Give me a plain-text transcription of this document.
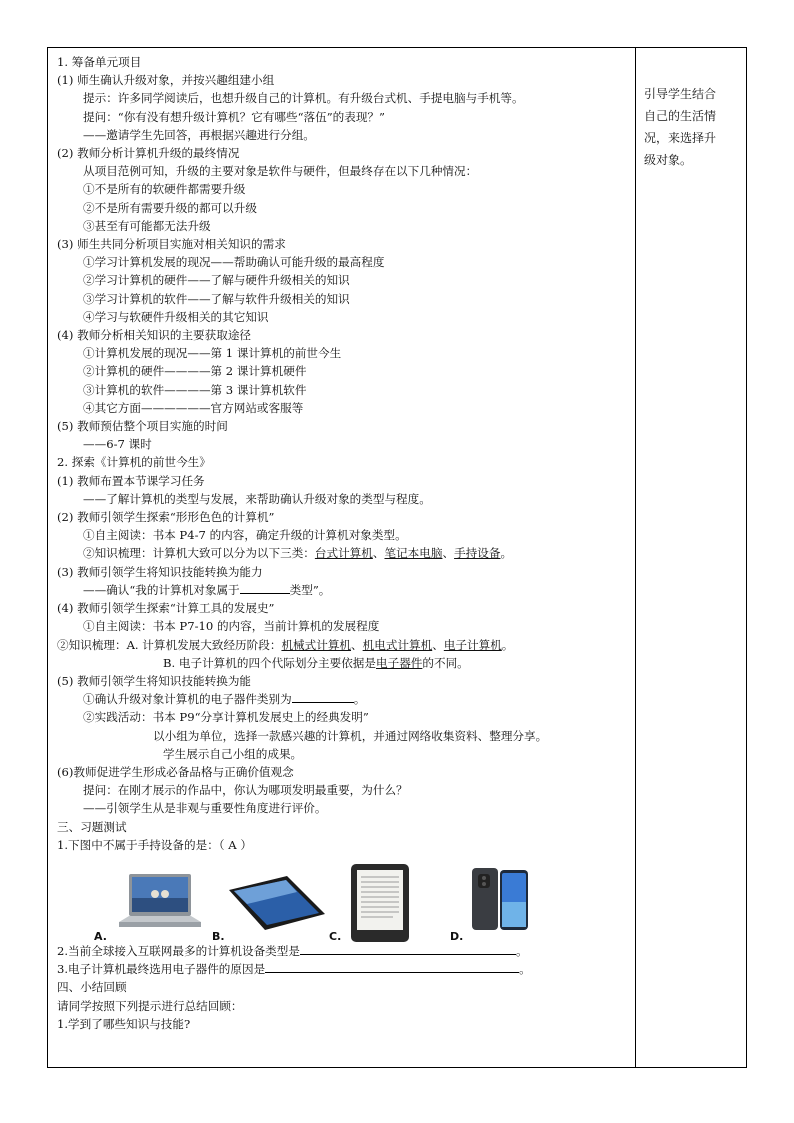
1. 筹备单元项目
(1) 师生确认升级对象，并按兴趣组建小组
提示：许多同学阅读后，也想升级自己的计算机。有升级台式机、手提电脑与手机等。
提问：“你有没有想升级计算机？它有哪些“落伍”的表现？”
——邀请学生先回答，再根据兴趣进行分组。
(2) 教师分析计算机升级的最终情况
从项目范例可知，升级的主要对象是软件与硬件，但最终存在以下几种情况：
①不是所有的软硬件都需要升级
②不是所有需要升级的都可以升级
③甚至有可能都无法升级
(3) 师生共同分析项目实施对相关知识的需求
①学习计算机发展的现况——帮助确认可能升级的最高程度
②学习计算机的硬件——了解与硬件升级相关的知识
③学习计算机的软件——了解与软件升级相关的知识
④学习与软硬件升级相关的其它知识
(4) 教师分析相关知识的主要获取途径
①计算机发展的现况——第 1 课计算机的前世今生
②计算机的硬件————第 2 课计算机硬件
③计算机的软件————第 3 课计算机软件
④其它方面——————官方网站或客服等
(5) 教师预估整个项目实施的时间
——6-7 课时
2. 探索《计算机的前世今生》
(1) 教师布置本节课学习任务
——了解计算机的类型与发展，来帮助确认升级对象的类型与程度。
(2) 教师引领学生探索“形形色色的计算机”
①自主阅读：书本 P4-7 的内容，确定升级的计算机对象类型。
②知识梳理：计算机大致可以分为以下三类：台式计算机、笔记本电脑、手持设备。
(3) 教师引领学生将知识技能转换为能力
——确认“我的计算机对象属于	类型”。
(4) 教师引领学生探索“计算工具的发展史”
①自主阅读：书本 P7-10 的内容，当前计算机的发展程度
②知识梳理：A. 计算机发展大致经历阶段：机械式计算机、机电式计算机、电子计算机。
B. 电子计算机的四个代际划分主要依据是电子器件的不同。
(5) 教师引领学生将知识技能转换为能
①确认升级对象计算机的电子器件类别为	。
②实践活动：书本 P9“分享计算机发展史上的经典发明”
以小组为单位，选择一款感兴趣的计算机，并通过网络收集资料、整理分享。
学生展示自己小组的成果。
(6)教师促进学生形成必备品格与正确价值观念
提问：在刚才展示的作品中，你认为哪项发明最重要，为什么？
——引领学生从是非观与重要性角度进行评价。
三、习题测试
1.下图中不属于手持设备的是：（ A ）
A.	B.	C.	D.
2.当前全球接入互联网最多的计算机设备类型是	。
3.电子计算机最终选用电子器件的原因是	。
四、小结回顾
请同学按照下列提示进行总结回顾：
1.学到了哪些知识与技能?
引导学生结合
自己的生活情
况，来选择升
级对象。
